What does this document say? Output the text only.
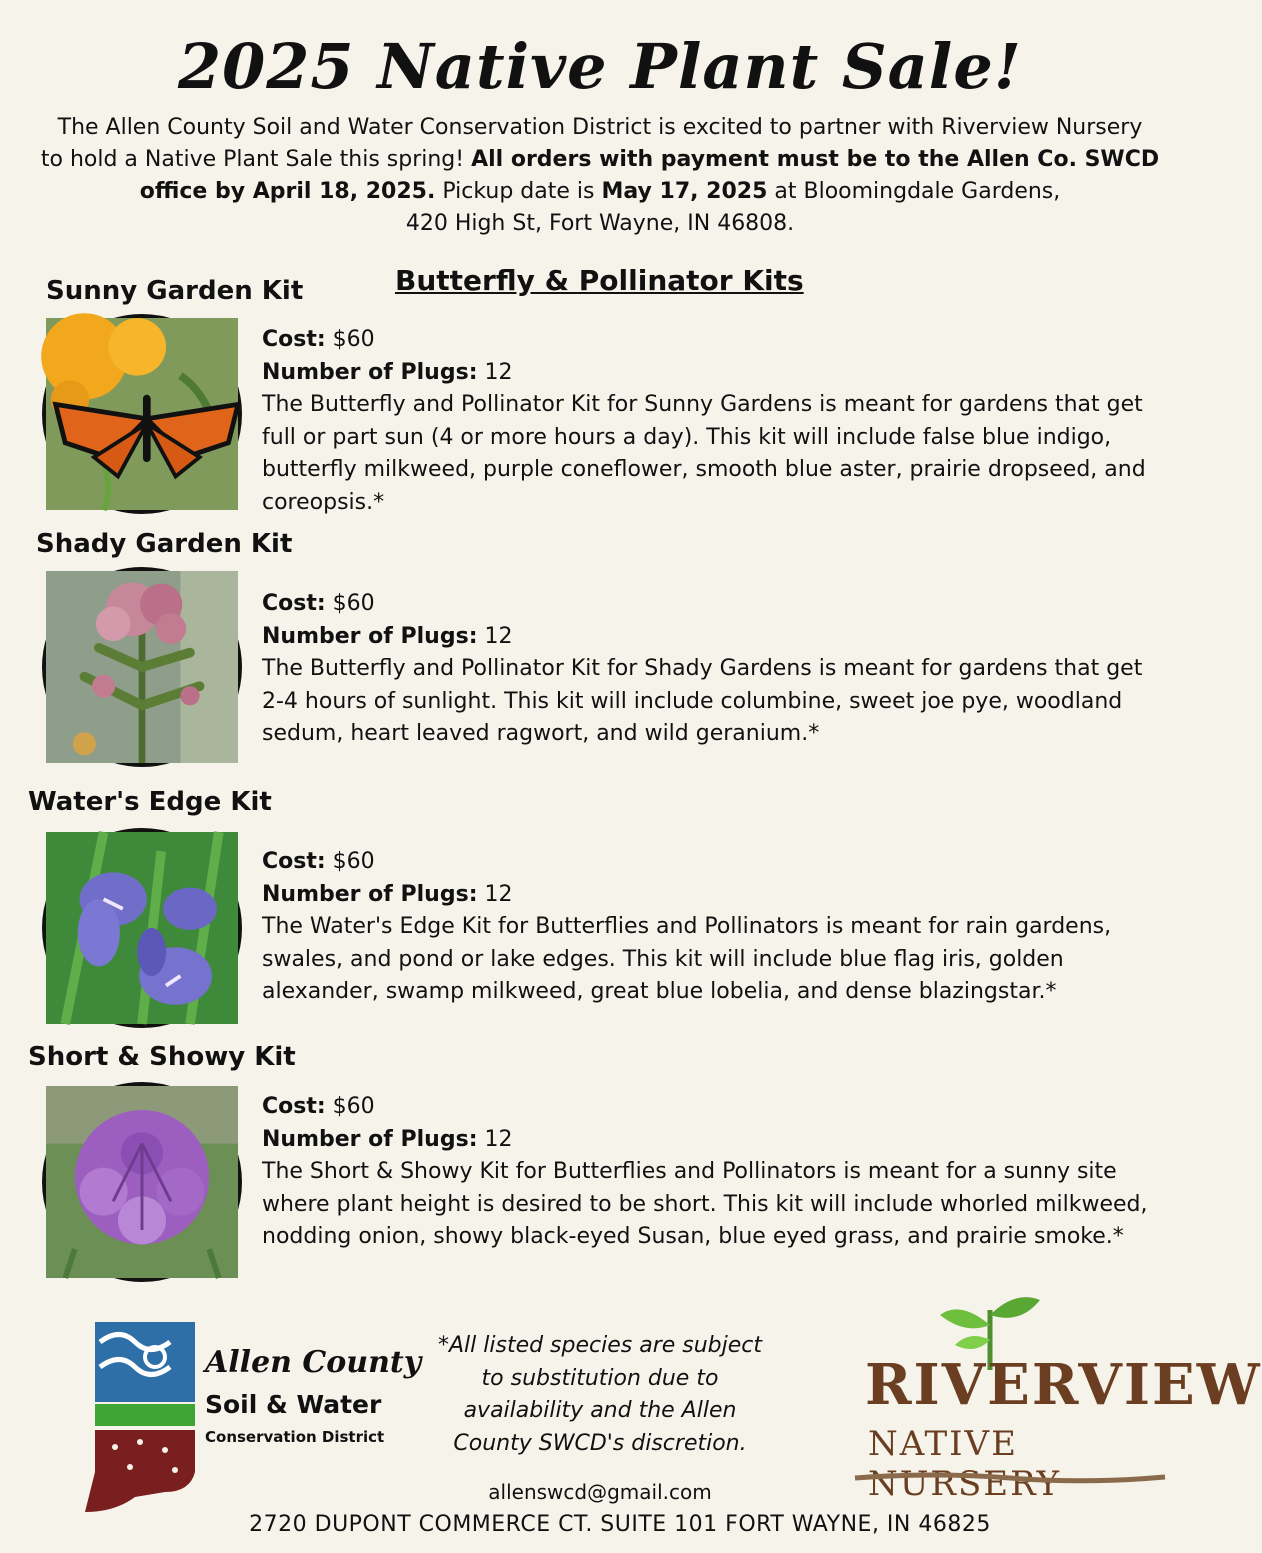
2025 Native Plant Sale!
The Allen County Soil and Water Conservation District is excited to partner with Riverview Nursery
to hold a Native Plant Sale this spring! All orders with payment must be to the Allen Co. SWCD
office by April 18, 2025. Pickup date is May 17, 2025 at Bloomingdale Gardens,
420 High St, Fort Wayne, IN 46808.
Butterfly & Pollinator Kits
Sunny Garden Kit
Cost: $60
Number of Plugs: 12
The Butterfly and Pollinator Kit for Sunny Gardens is meant for gardens that get
full or part sun (4 or more hours a day). This kit will include false blue indigo,
butterfly milkweed, purple coneflower, smooth blue aster, prairie dropseed, and
coreopsis.*
Shady Garden Kit
Cost: $60
Number of Plugs: 12
The Butterfly and Pollinator Kit for Shady Gardens is meant for gardens that get
2-4 hours of sunlight. This kit will include columbine, sweet joe pye, woodland
sedum, heart leaved ragwort, and wild geranium.*
Water's Edge Kit
Cost: $60
Number of Plugs: 12
The Water's Edge Kit for Butterflies and Pollinators is meant for rain gardens,
swales, and pond or lake edges. This kit will include blue flag iris, golden
alexander, swamp milkweed, great blue lobelia, and dense blazingstar.*
Short & Showy Kit
Cost: $60
Number of Plugs: 12
The Short & Showy Kit for Butterflies and Pollinators is meant for a sunny site
where plant height is desired to be short. This kit will include whorled milkweed,
nodding onion, showy black-eyed Susan, blue eyed grass, and prairie smoke.*
Allen County
Soil & Water
Conservation District
*All listed species are subject
to substitution due to
availability and the Allen
County SWCD's discretion.
RIVERVIEW
NATIVE NURSERY
allenswcd@gmail.com
2720 DUPONT COMMERCE CT. SUITE 101 FORT WAYNE, IN 46825
